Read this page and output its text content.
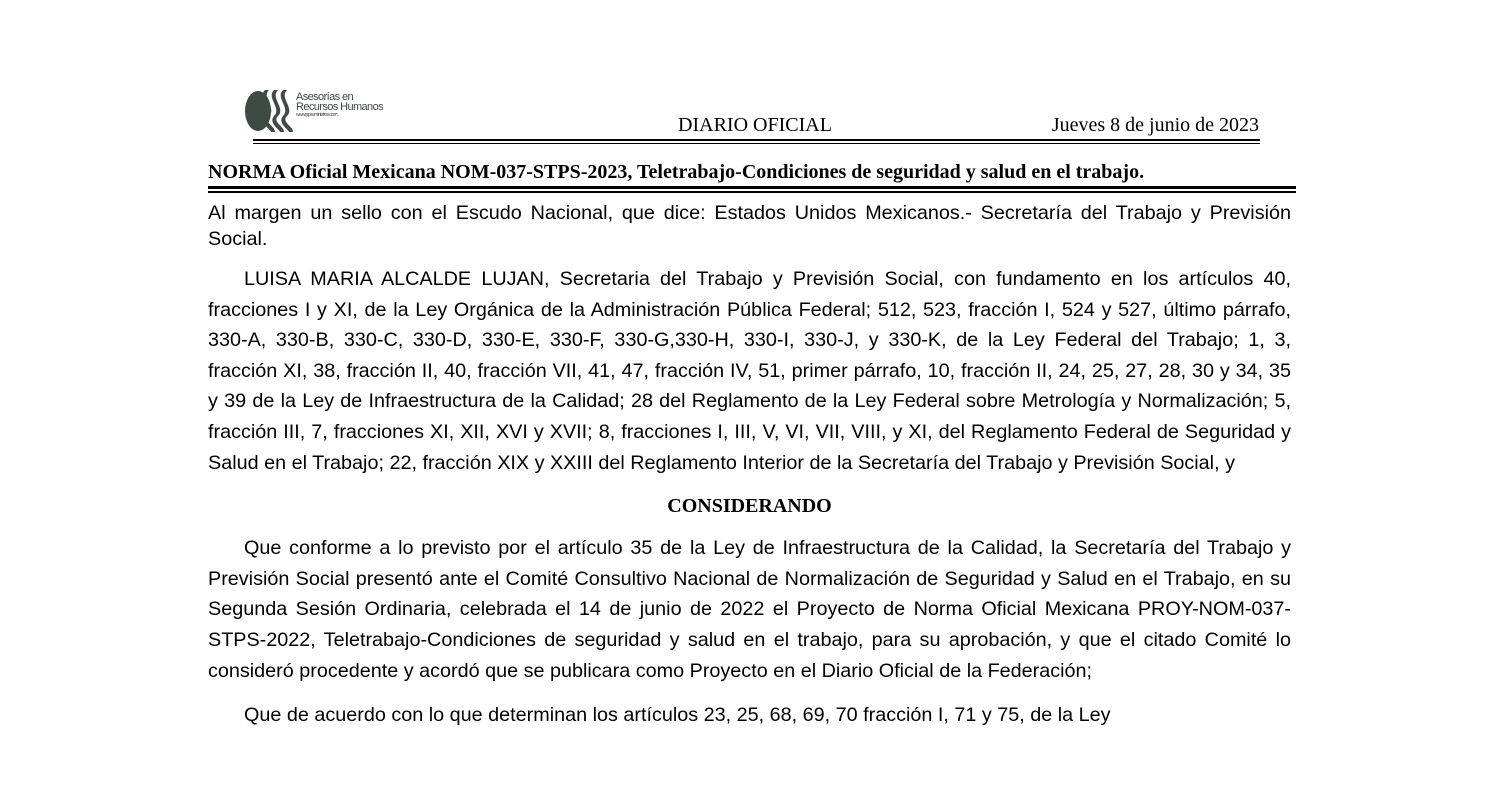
Asesorías en
Recursos Humanos
www.ppsuministros.com	DIARIO OFICIAL	Jueves 8 de junio de 2023
NORMA Oficial Mexicana NOM-037-STPS-2023, Teletrabajo-Condiciones de seguridad y salud en el trabajo.

Al margen un sello con el Escudo Nacional, que dice: Estados Unidos Mexicanos.- Secretaría del Trabajo y Previsión Social.

LUISA MARIA ALCALDE LUJAN, Secretaria del Trabajo y Previsión Social, con fundamento en los artículos 40, fracciones I y XI, de la Ley Orgánica de la Administración Pública Federal; 512, 523, fracción I, 524 y 527, último párrafo, 330-A, 330-B, 330-C, 330-D, 330-E, 330-F, 330-G,330-H, 330-I, 330-J, y 330-K, de la Ley Federal del Trabajo; 1, 3, fracción XI, 38, fracción II, 40, fracción VII, 41, 47, fracción IV, 51, primer párrafo, 10, fracción II, 24, 25, 27, 28, 30 y 34, 35 y 39 de la Ley de Infraestructura de la Calidad; 28 del Reglamento de la Ley Federal sobre Metrología y Normalización; 5, fracción III, 7, fracciones XI, XII, XVI y XVII; 8, fracciones I, III, V, VI, VII, VIII, y XI, del Reglamento Federal de Seguridad y Salud en el Trabajo; 22, fracción XIX y XXIII del Reglamento Interior de la Secretaría del Trabajo y Previsión Social, y

CONSIDERANDO

Que conforme a lo previsto por el artículo 35 de la Ley de Infraestructura de la Calidad, la Secretaría del Trabajo y Previsión Social presentó ante el Comité Consultivo Nacional de Normalización de Seguridad y Salud en el Trabajo, en su Segunda Sesión Ordinaria, celebrada el 14 de junio de 2022 el Proyecto de Norma Oficial Mexicana PROY-NOM-037-STPS-2022, Teletrabajo-Condiciones de seguridad y salud en el trabajo, para su aprobación, y que el citado Comité lo consideró procedente y acordó que se publicara como Proyecto en el Diario Oficial de la Federación;

Que de acuerdo con lo que determinan los artículos 23, 25, 68, 69, 70 fracción I, 71 y 75, de la Ley
